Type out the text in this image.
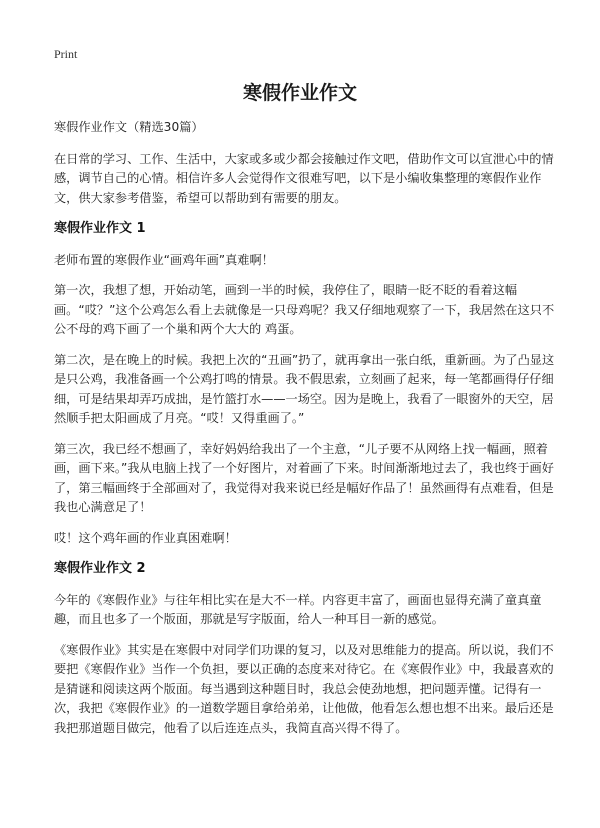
Print
寒假作业作文

寒假作业作文（精选30篇）

在日常的学习、工作、生活中，大家或多或少都会接触过作文吧，借助作文可以宣泄心中的情感，调节自己的心情。相信许多人会觉得作文很难写吧，以下是小编收集整理的寒假作业作文，供大家参考借鉴，希望可以帮助到有需要的朋友。

寒假作业作文 1

老师布置的寒假作业“画鸡年画”真难啊！

第一次，我想了想，开始动笔，画到一半的时候，我停住了，眼睛一眨不眨的看着这幅画。“哎？”这个公鸡怎么看上去就像是一只母鸡呢？我又仔细地观察了一下，我居然在这只不公不母的鸡下画了一个巢和两个大大的 鸡蛋。

第二次，是在晚上的时候。我把上次的“丑画”扔了，就再拿出一张白纸，重新画。为了凸显这是只公鸡，我准备画一个公鸡打鸣的情景。我不假思索，立刻画了起来，每一笔都画得仔仔细细，可是结果却弄巧成拙，是竹篮打水——一场空。因为是晚上，我看了一眼窗外的天空，居然顺手把太阳画成了月亮。“哎！又得重画了。”

第三次，我已经不想画了，幸好妈妈给我出了一个主意，“儿子要不从网络上找一幅画，照着画，画下来。”我从电脑上找了一个好图片，对着画了下来。时间渐渐地过去了，我也终于画好了，第三幅画终于全部画对了，我觉得对我来说已经是幅好作品了！虽然画得有点难看，但是我也心满意足了！

哎！这个鸡年画的作业真困难啊！

寒假作业作文 2

今年的《寒假作业》与往年相比实在是大不一样。内容更丰富了，画面也显得充满了童真童趣，而且也多了一个版面，那就是写字版面，给人一种耳目一新的感觉。

《寒假作业》其实是在寒假中对同学们功课的复习，以及对思维能力的提高。所以说，我们不要把《寒假作业》当作一个负担，要以正确的态度来对待它。在《寒假作业》中，我最喜欢的是猜谜和阅读这两个版面。每当遇到这种题目时，我总会使劲地想，把问题弄懂。记得有一次，我把《寒假作业》的一道数学题目拿给弟弟，让他做，他看怎么想也想不出来。最后还是我把那道题目做完，他看了以后连连点头，我简直高兴得不得了。
